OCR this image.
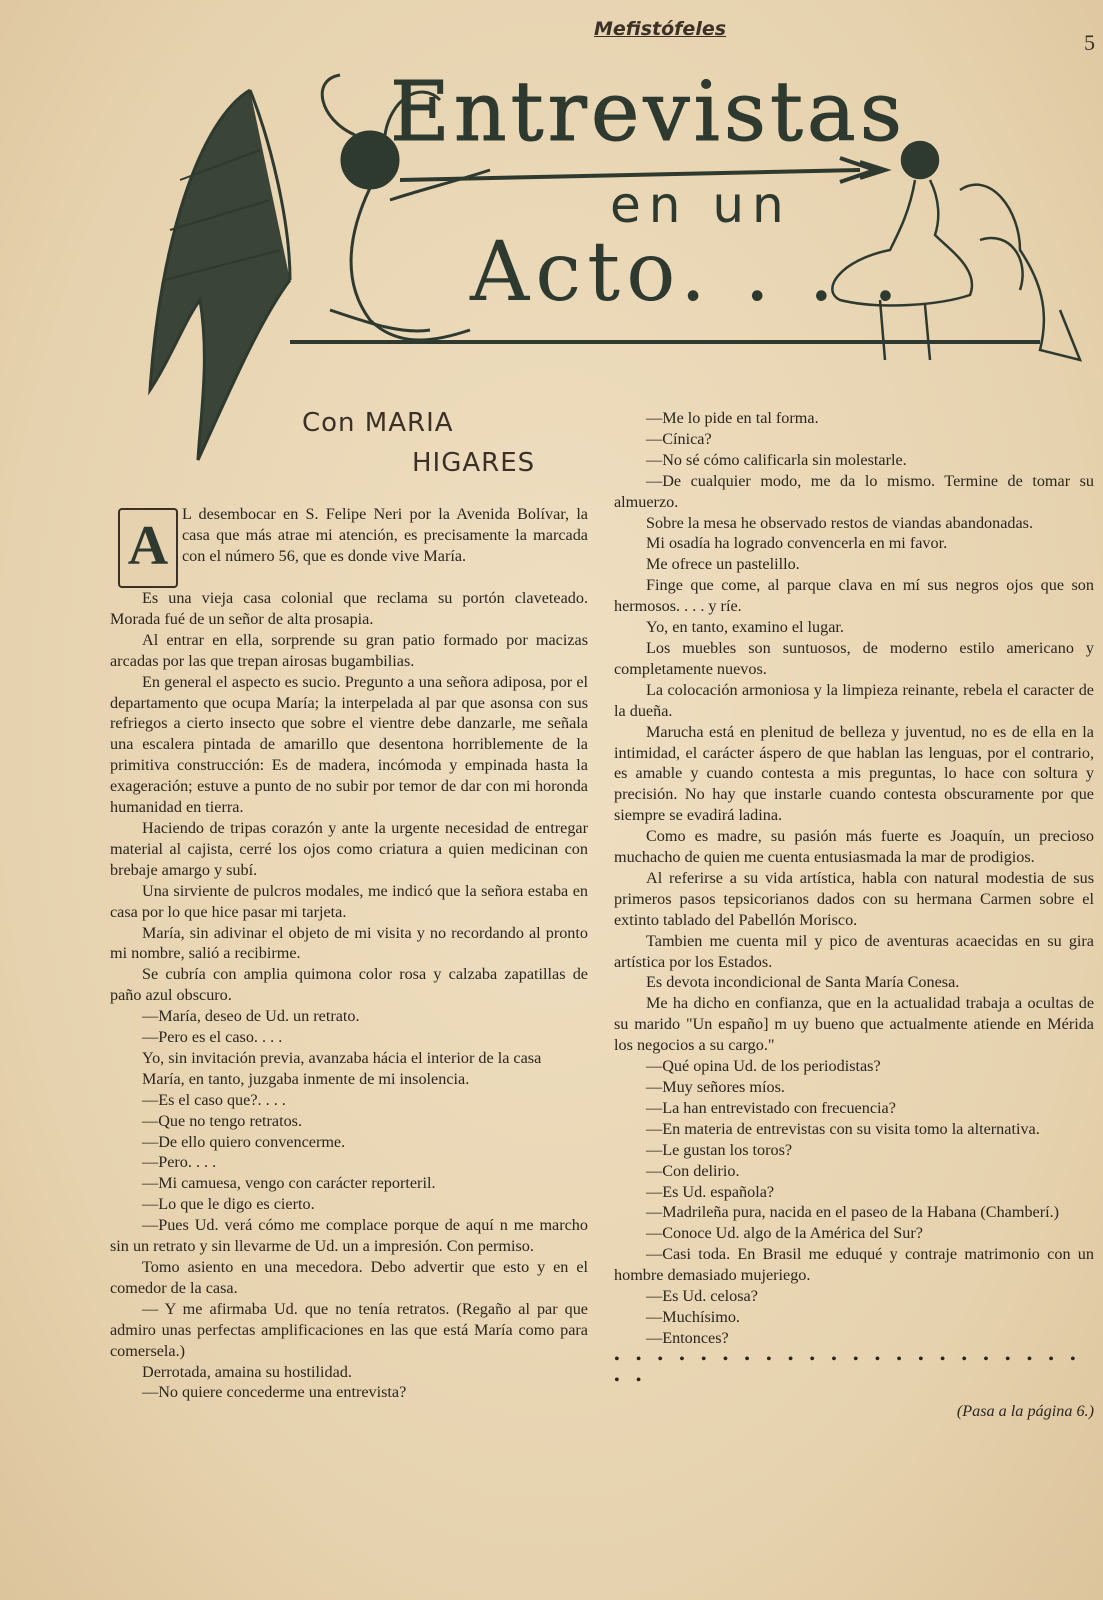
Mefistófeles
5
Entrevistas
en un
Acto. . . .
Con MARIA
HIGARES

A
L desembocar en S. Felipe Neri por la Avenida Bolívar, la casa que más atrae mi atención, es precisamente la marcada con el número 56, que es donde vive María.

Es una vieja casa colonial que reclama su portón claveteado. Morada fué de un señor de alta prosapia.

Al entrar en ella, sorprende su gran patio formado por macizas arcadas por las que trepan airosas bugambilias.

En general el aspecto es sucio. Pregunto a una señora adiposa, por el departamento que ocupa María; la interpelada al par que asonsa con sus refriegos a cierto insecto que sobre el vientre debe danzarle, me señala una escalera pintada de amarillo que desentona horriblemente de la primitiva construcción: Es de madera, incómoda y empinada hasta la exageración; estuve a punto de no subir por temor de dar con mi horonda humanidad en tierra.

Haciendo de tripas corazón y ante la urgente necesidad de entregar material al cajista, cerré los ojos como criatura a quien medicinan con brebaje amargo y subí.

Una sirviente de pulcros modales, me indicó que la señora estaba en casa por lo que hice pasar mi tarjeta.

María, sin adivinar el objeto de mi visita y no recordando al pronto mi nombre, salió a recibirme.

Se cubría con amplia quimona color rosa y calzaba zapatillas de paño azul obscuro.

—María, deseo de Ud. un retrato.

—Pero es el caso. . . .

Yo, sin invitación previa, avanzaba hácia el interior de la casa

María, en tanto, juzgaba inmente de mi insolencia.

—Es el caso que?. . . .

—Que no tengo retratos.

—De ello quiero convencerme.

—Pero. . . .

—Mi camuesa, vengo con carácter reporteril.

—Lo que le digo es cierto.

—Pues Ud. verá cómo me complace porque de aquí n me marcho sin un retrato y sin llevarme de Ud. un a impresión. Con permiso.

Tomo asiento en una mecedora. Debo advertir que esto y en el comedor de la casa.

— Y me afirmaba Ud. que no tenía retratos. (Regaño al par que admiro unas perfectas amplificaciones en las que está María como para comersela.)

Derrotada, amaina su hostilidad.

—No quiere concederme una entrevista?

—Me lo pide en tal forma.

—Cínica?

—No sé cómo calificarla sin molestarle.

—De cualquier modo, me da lo mismo. Termine de tomar su almuerzo.

Sobre la mesa he observado restos de viandas abandonadas.

Mi osadía ha logrado convencerla en mi favor.

Me ofrece un pastelillo.

Finge que come, al parque clava en mí sus negros ojos que son hermosos. . . . y ríe.

Yo, en tanto, examino el lugar.

Los muebles son suntuosos, de moderno estilo americano y completamente nuevos.

La colocación armoniosa y la limpieza reinante, rebela el caracter de la dueña.

Marucha está en plenitud de belleza y juventud, no es de ella en la intimidad, el carácter áspero de que hablan las lenguas, por el contrario, es amable y cuando contesta a mis preguntas, lo hace con soltura y precisión. No hay que instarle cuando contesta obscuramente por que siempre se evadirá ladina.

Como es madre, su pasión más fuerte es Joaquín, un precioso muchacho de quien me cuenta entusiasmada la mar de prodigios.

Al referirse a su vida artística, habla con natural modestia de sus primeros pasos tepsicorianos dados con su hermana Carmen sobre el extinto tablado del Pabellón Morisco.

Tambien me cuenta mil y pico de aventuras acaecidas en su gira artística por los Estados.

Es devota incondicional de Santa María Conesa.

Me ha dicho en confianza, que en la actualidad trabaja a ocultas de su marido "Un españo] m uy bueno que actualmente atiende en Mérida los negocios a su cargo."

—Qué opina Ud. de los periodistas?

—Muy señores míos.

—La han entrevistado con frecuencia?

—En materia de entrevistas con su visita tomo la alternativa.

—Le gustan los toros?

—Con delirio.

—Es Ud. española?

—Madrileña pura, nacida en el paseo de la Habana (Chamberí.)

—Conoce Ud. algo de la América del Sur?

—Casi toda. En Brasil me eduqué y contraje matrimonio con un hombre demasiado mujeriego.

—Es Ud. celosa?

—Muchísimo.

—Entonces?

• • • • • • • • • • • • • • • • • • • • • • • •

(Pasa a la página 6.)
